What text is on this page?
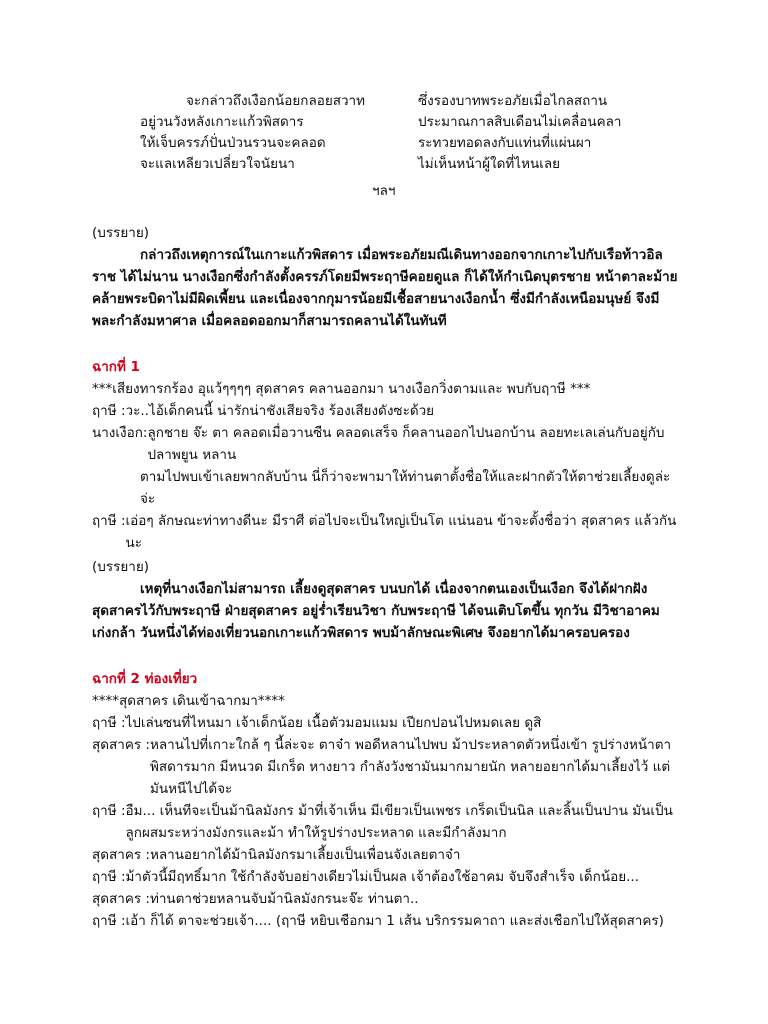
จะกล่าวถึงเงือกน้อยกลอยสวาท	ซึ่งรองบาทพระอภัยเมื่อไกลสถาน
อยู่วนวังหลังเกาะแก้วพิสดาร	ประมาณกาลสิบเดือนไม่เคลื่อนคลา
ให้เจ็บครรภ์ปั่นป่วนรวนจะคลอด	ระทวยทอดลงกับแท่นที่แผ่นผา
จะแลเหลียวเปลี่ยวใจนัยนา	ไม่เห็นหน้าผู้ใดที่ไหนเลย
ฯลฯ

(บรรยาย)

กล่าวถึงเหตุการณ์ในเกาะแก้วพิสดาร เมื่อพระอภัยมณีเดินทางออกจากเกาะไปกับเรือท้าวอิลราช ได้ไม่นาน นางเงือกซึ่งกำลังตั้งครรภ์โดยมีพระฤาษีคอยดูแล ก็ได้ให้กำเนิดบุตรชาย หน้าตาละม้ายคล้ายพระบิดาไม่มีผิดเพี้ยน และเนื่องจากกุมารน้อยมีเชื้อสายนางเงือกน้ำ ซึ่งมีกำลังเหนือมนุษย์ จึงมีพละกำลังมหาศาล เมื่อคลอดออกมาก็สามารถคลานได้ในทันที

ฉากที่ 1

***เสียงทารกร้อง อุแว้ๆๆๆๆ สุดสาคร คลานออกมา นางเงือกวิ่งตามและ พบกับฤาษี ***

ฤาษี : วะ..ไอ้เด็กคนนี้ น่ารักน่าชังเสียจริง ร้องเสียงดังซะด้วย

นางเงือก: ลูกชาย จ๊ะ ตา คลอดเมื่อวานซืน คลอดเสร็จ ก็คลานออกไปนอกบ้าน ลอยทะเลเล่นกับอยู่กับปลาพยูน หลาน

ตามไปพบเข้าเลยพากลับบ้าน นี่ก็ว่าจะพามาให้ท่านตาตั้งชื่อให้และฝากตัวให้ตาช่วยเลี้ยงดูล่ะจ่ะ

ฤาษี : เอ่อๆ ลักษณะท่าทางดีนะ มีราศี ต่อไปจะเป็นใหญ่เป็นโต แน่นอน ข้าจะตั้งชื่อว่า สุดสาคร แล้วกันนะ

(บรรยาย)

เหตุที่นางเงือกไม่สามารถ เลี้ยงดูสุดสาคร บนบกได้ เนื่องจากตนเองเป็นเงือก จึงได้ฝากฝังสุดสาครไว้กับพระฤาษี ฝ่ายสุดสาคร อยู่ร่ำเรียนวิชา กับพระฤาษี ได้จนเติบโตขึ้น ทุกวัน มีวิชาอาคม เก่งกล้า วันหนึ่งได้ท่องเที่ยวนอกเกาะแก้วพิสดาร พบม้าลักษณะพิเศษ จึงอยากได้มาครอบครอง

ฉากที่ 2 ท่องเที่ยว

****สุดสาคร เดินเข้าฉากมา****

ฤาษี : ไปเล่นซนที่ไหนมา เจ้าเด็กน้อย เนื้อตัวมอมแมม เปียกปอนไปหมดเลย ดูสิ

สุดสาคร : หลานไปที่เกาะใกล้ ๆ นี้ล่ะจะ ตาจ๋า พอดีหลานไปพบ ม้าประหลาดตัวหนึ่งเข้า รูปร่างหน้าตาพิสดารมาก มีหนวด มีเกร็ด หางยาว กำลังวังชามันมากมายนัก หลายอยากได้มาเลี้ยงไว้ แต่มันหนีไปได้จะ

ฤาษี : อืม... เห็นทีจะเป็นม้านิลมังกร ม้าที่เจ้าเห็น มีเขียวเป็นเพชร เกร็ดเป็นนิล และลิ้นเป็นปาน มันเป็นลูกผสมระหว่างมังกรและม้า ทำให้รูปร่างประหลาด และมีกำลังมาก

สุดสาคร : หลานอยากได้ม้านิลมังกรมาเลี้ยงเป็นเพื่อนจังเลยตาจ๋า

ฤาษี : ม้าตัวนี้มีฤทธิ์มาก ใช้กำลังจับอย่างเดียวไม่เป็นผล เจ้าต้องใช้อาคม จับจึงสำเร็จ เด็กน้อย...

สุดสาคร : ท่านตาช่วยหลานจับม้านิลมังกรนะจ๊ะ ท่านตา..

ฤาษี : เอ้า ก็ได้ ตาจะช่วยเจ้า.... (ฤาษี หยิบเชือกมา 1 เส้น บริกรรมคาถา และส่งเชือกไปให้สุดสาคร)
